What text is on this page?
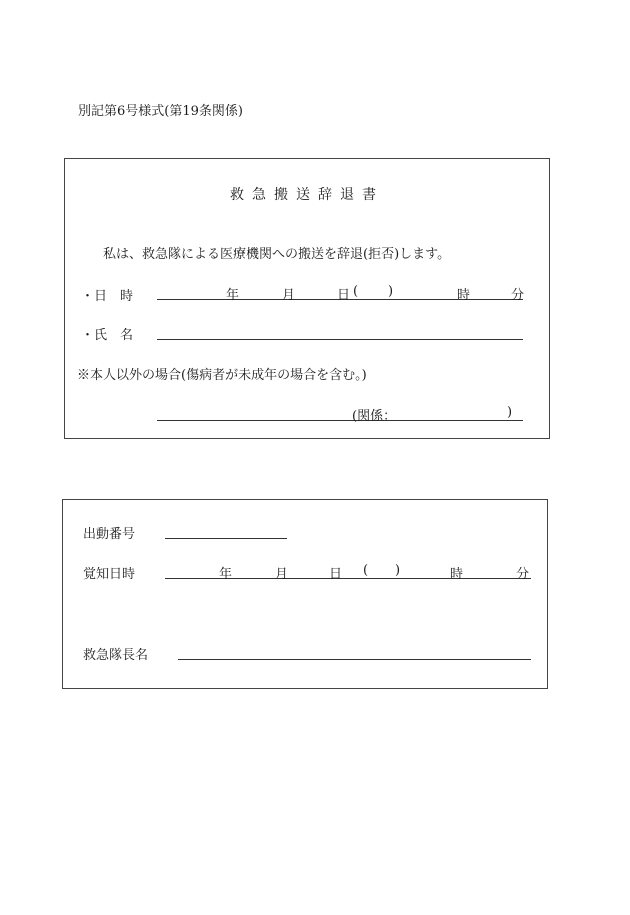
別記第6号様式(第19条関係)
救急搬送辞退書
私は、救急隊による医療機関への搬送を辞退(拒否)します。
・日　時	年	月	日 ( )	時	分
・氏　名
※本人以外の場合(傷病者が未成年の場合を含む。)
(関係：	)
出動番号
覚知日時	年	月	日 ( )	時	分
救急隊長名
